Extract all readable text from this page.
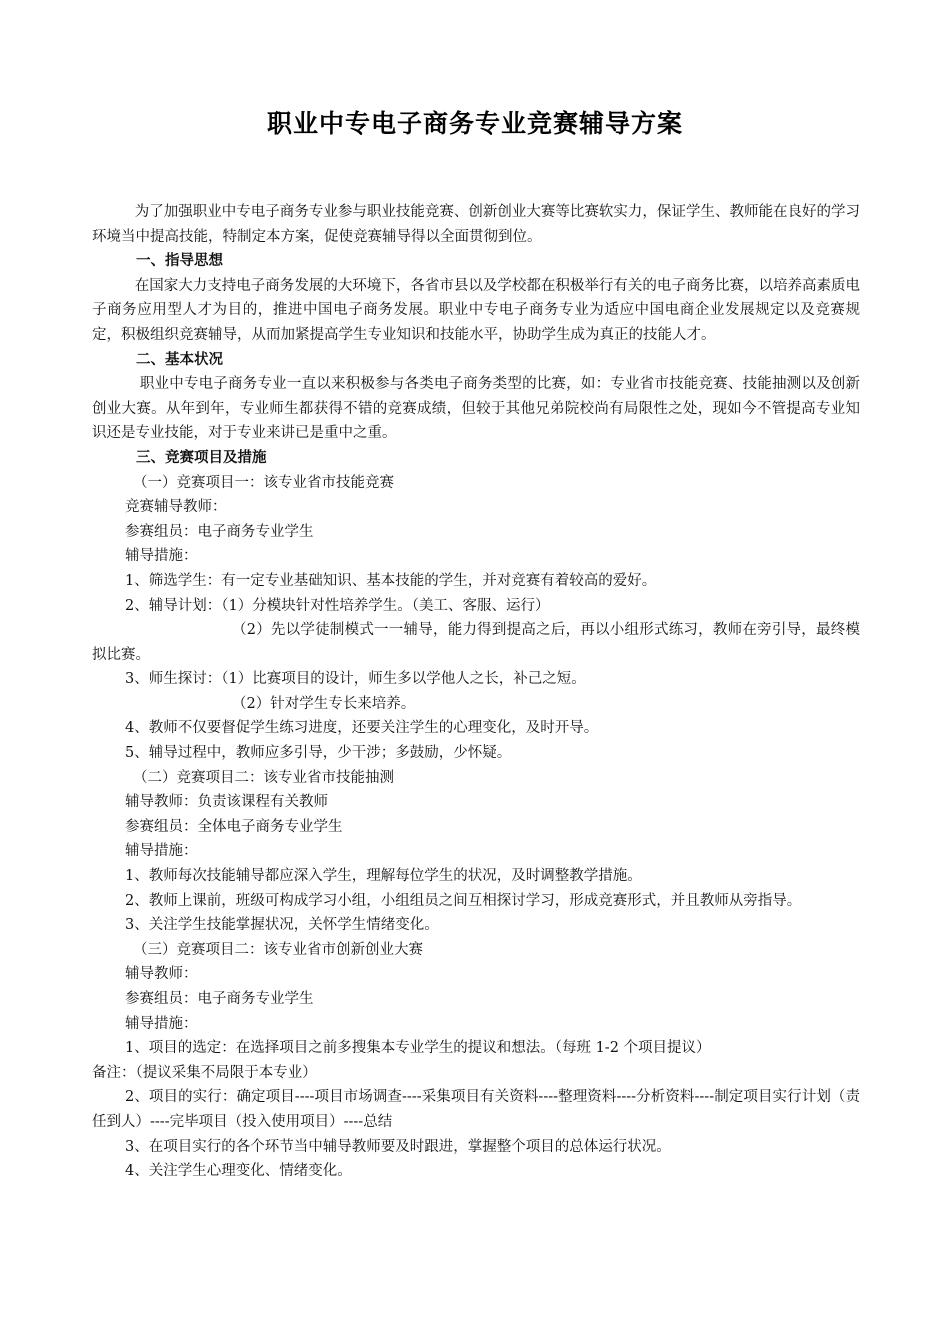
职业中专电子商务专业竞赛辅导方案

为了加强职业中专电子商务专业参与职业技能竞赛、创新创业大赛等比赛软实力，保证学生、教师能在良好的学习环境当中提高技能，特制定本方案，促使竞赛辅导得以全面贯彻到位。

一、指导思想

在国家大力支持电子商务发展的大环境下，各省市县以及学校都在积极举行有关的电子商务比赛，以培养高素质电子商务应用型人才为目的，推进中国电子商务发展。职业中专电子商务专业为适应中国电商企业发展规定以及竞赛规定，积极组织竞赛辅导，从而加紧提高学生专业知识和技能水平，协助学生成为真正的技能人才。

二、基本状况

职业中专电子商务专业一直以来积极参与各类电子商务类型的比赛，如：专业省市技能竞赛、技能抽测以及创新创业大赛。从年到年，专业师生都获得不错的竞赛成绩，但较于其他兄弟院校尚有局限性之处，现如今不管提高专业知识还是专业技能，对于专业来讲已是重中之重。

三、竞赛项目及措施

（一）竞赛项目一：该专业省市技能竞赛

竞赛辅导教师：

参赛组员：电子商务专业学生

辅导措施：

1、筛选学生：有一定专业基础知识、基本技能的学生，并对竞赛有着较高的爱好。

2、辅导计划：（1）分模块针对性培养学生。（美工、客服、运行）

（2）先以学徒制模式一一辅导，能力得到提高之后，再以小组形式练习，教师在旁引导，最终模拟比赛。

3、师生探讨：（1）比赛项目的设计，师生多以学他人之长，补己之短。

（2）针对学生专长来培养。

4、教师不仅要督促学生练习进度，还要关注学生的心理变化，及时开导。

5、辅导过程中，教师应多引导，少干涉；多鼓励，少怀疑。

（二）竞赛项目二：该专业省市技能抽测

辅导教师：负责该课程有关教师

参赛组员：全体电子商务专业学生

辅导措施：

1、教师每次技能辅导都应深入学生，理解每位学生的状况，及时调整教学措施。

2、教师上课前，班级可构成学习小组，小组组员之间互相探讨学习，形成竞赛形式，并且教师从旁指导。

3、关注学生技能掌握状况，关怀学生情绪变化。

（三）竞赛项目二：该专业省市创新创业大赛

辅导教师：

参赛组员：电子商务专业学生

辅导措施：

1、项目的选定：在选择项目之前多搜集本专业学生的提议和想法。（每班 1-2 个项目提议）

备注：（提议采集不局限于本专业）

2、项目的实行：确定项目----项目市场调查----采集项目有关资料----整理资料----分析资料----制定项目实行计划（责任到人）----完毕项目（投入使用项目）----总结

3、在项目实行的各个环节当中辅导教师要及时跟进，掌握整个项目的总体运行状况。

4、关注学生心理变化、情绪变化。
